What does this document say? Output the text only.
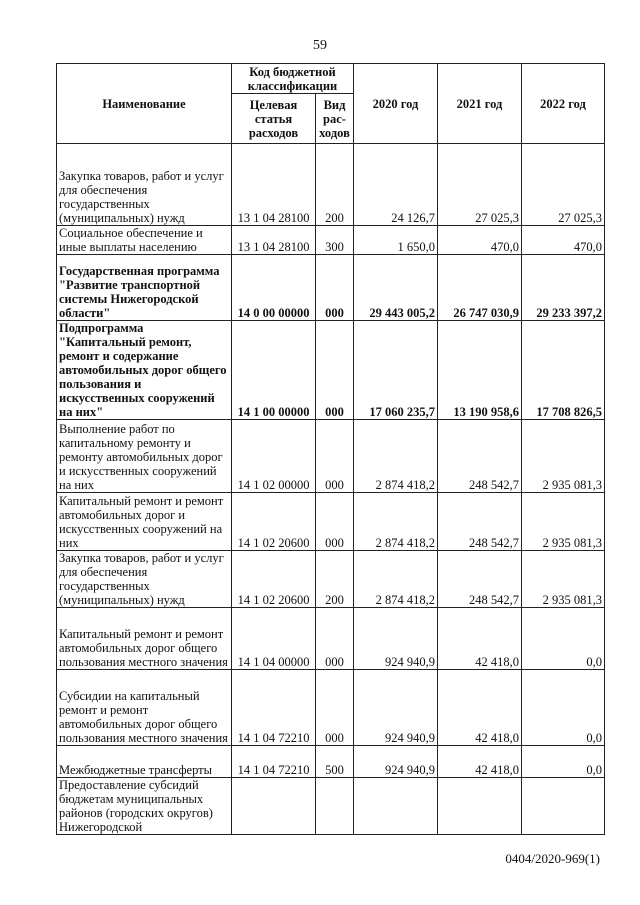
59
Наименование	Код бюджетной классификации		2020 год	2021 год	2022 год
	Целевая статья расходов	Вид рас-ходов			
Закупка товаров, работ и услуг для обеспечения государственных (муниципальных) нужд	13 1 04 28100	200	24 126,7	27 025,3	27 025,3
Социальное обеспечение и иные выплаты населению	13 1 04 28100	300	1 650,0	470,0	470,0
Государственная программа "Развитие транспортной системы Нижегородской области"	14 0 00 00000	000	29 443 005,2	26 747 030,9	29 233 397,2
Подпрограмма "Капитальный ремонт, ремонт и содержание автомобильных дорог общего пользования и искусственных сооружений на них"	14 1 00 00000	000	17 060 235,7	13 190 958,6	17 708 826,5
Выполнение работ по капитальному ремонту и ремонту автомобильных дорог и искусственных сооружений на них	14 1 02 00000	000	2 874 418,2	248 542,7	2 935 081,3
Капитальный ремонт и ремонт автомобильных дорог и искусственных сооружений на них	14 1 02 20600	000	2 874 418,2	248 542,7	2 935 081,3
Закупка товаров, работ и услуг для обеспечения государственных (муниципальных) нужд	14 1 02 20600	200	2 874 418,2	248 542,7	2 935 081,3
Капитальный ремонт и ремонт автомобильных дорог общего пользования местного значения	14 1 04 00000	000	924 940,9	42 418,0	0,0
Субсидии на капитальный ремонт и ремонт автомобильных дорог общего пользования местного значения	14 1 04 72210	000	924 940,9	42 418,0	0,0
Межбюджетные трансферты	14 1 04 72210	500	924 940,9	42 418,0	0,0
Предоставление субсидий бюджетам муниципальных районов (городских округов) Нижегородской					
0404/2020-969(1)
